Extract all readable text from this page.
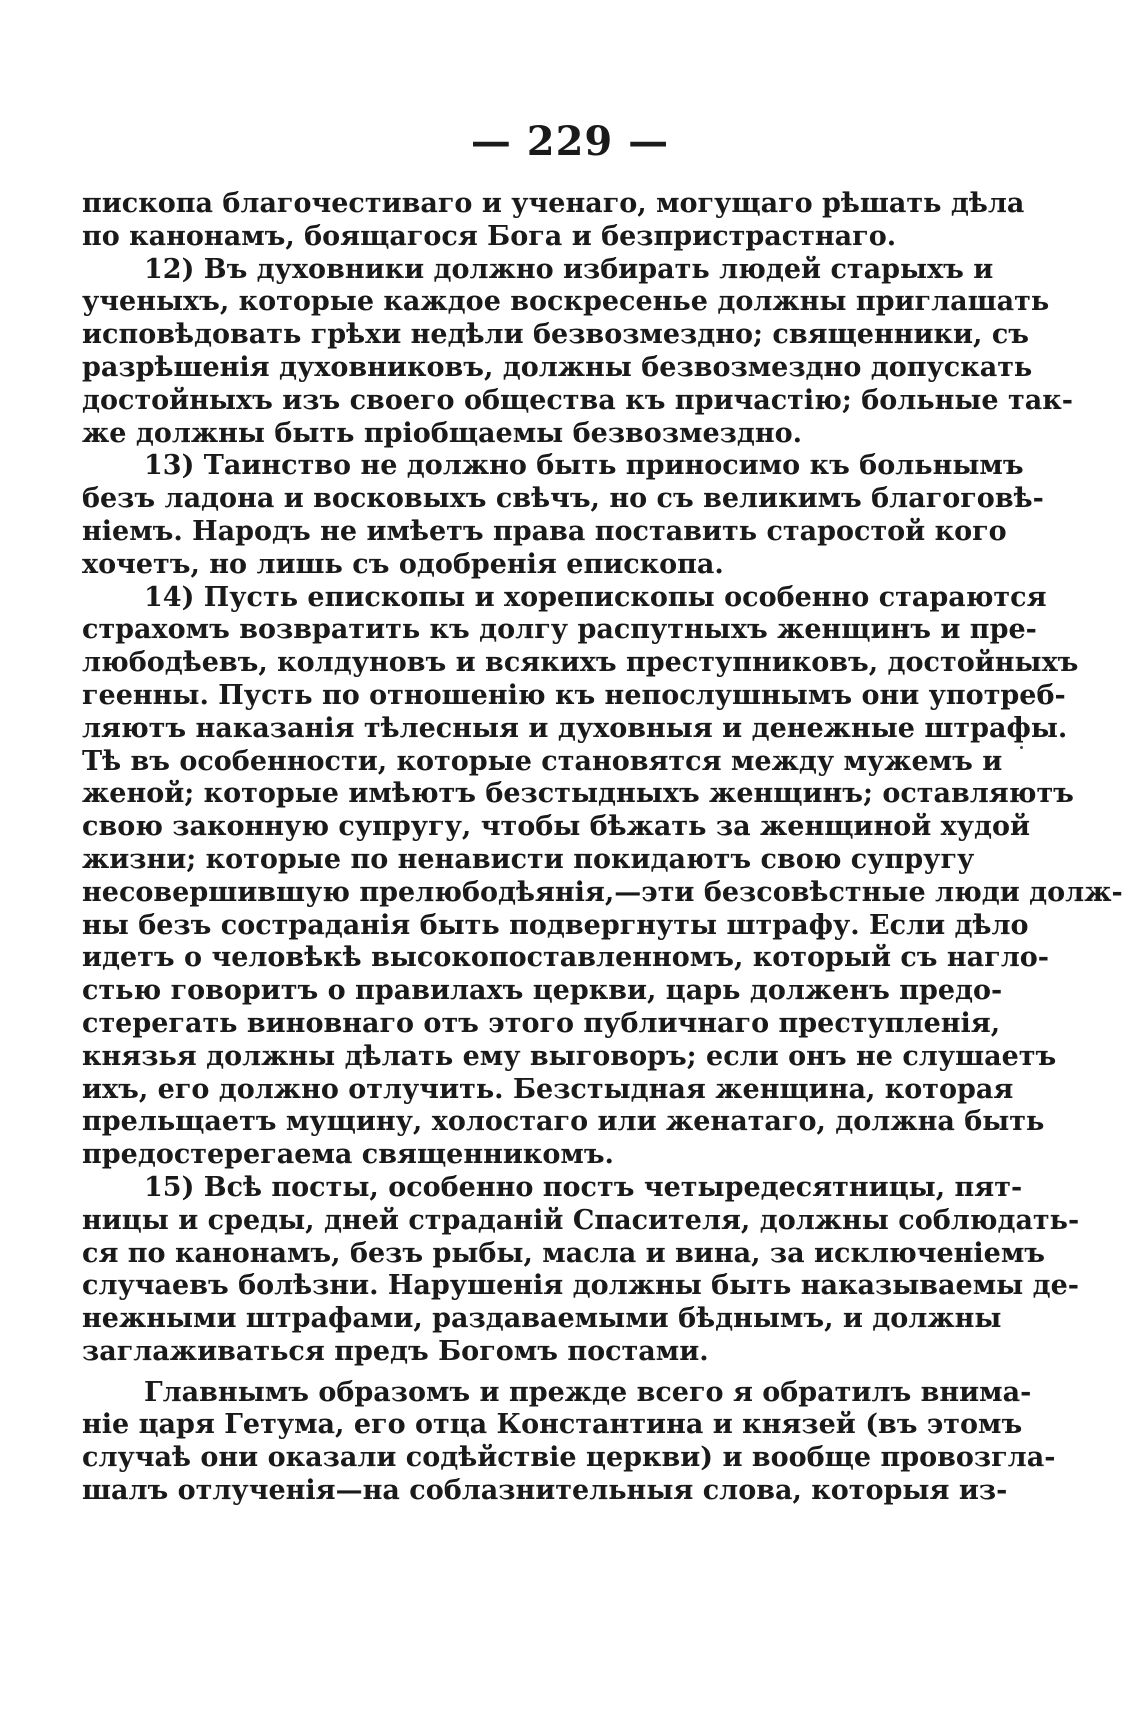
— 229 —
пископа благочестиваго и ученаго, могущаго рѣшать дѣла
по канонамъ, боящагося Бога и безпристрастнаго.
12) Въ духовники должно избирать людей старыхъ и
ученыхъ, которые каждое воскресенье должны приглашать
исповѣдовать грѣхи недѣли безвозмездно; священники, съ
разрѣшенія духовниковъ, должны безвозмездно допускать
достойныхъ изъ своего общества къ причастію; больные так-
же должны быть пріобщаемы безвозмездно.
13) Таинство не должно быть приносимо къ больнымъ
безъ ладона и восковыхъ свѣчъ, но съ великимъ благоговѣ-
ніемъ. Народъ не имѣетъ права поставить старостой кого
хочетъ, но лишь съ одобренія епископа.
14) Пусть епископы и хорепископы особенно стараются
страхомъ возвратить къ долгу распутныхъ женщинъ и пре-
любодѣевъ, колдуновъ и всякихъ преступниковъ, достойныхъ
геенны. Пусть по отношенію къ непослушнымъ они употреб-
ляютъ наказанія тѣлесныя и духовныя и денежные штрафы.
Тѣ въ особенности, которые становятся между мужемъ и
женой; которые имѣютъ безстыдныхъ женщинъ; оставляютъ
свою законную супругу, чтобы бѣжать за женщиной худой
жизни; которые по ненависти покидаютъ свою супругу
несовершившую прелюбодѣянія,—эти безсовѣстные люди долж-
ны безъ состраданія быть подвергнуты штрафу. Если дѣло
идетъ о человѣкѣ высокопоставленномъ, который съ нагло-
стью говоритъ о правилахъ церкви, царь долженъ предо-
стерегать виновнаго отъ этого публичнаго преступленія,
князья должны дѣлать ему выговоръ; если онъ не слушаетъ
ихъ, его должно отлучить. Безстыдная женщина, которая
прельщаетъ мущину, холостаго или женатаго, должна быть
предостерегаема священникомъ.
15) Всѣ посты, особенно постъ четыредесятницы, пят-
ницы и среды, дней страданій Спасителя, должны соблюдать-
ся по канонамъ, безъ рыбы, масла и вина, за исключеніемъ
случаевъ болѣзни. Нарушенія должны быть наказываемы де-
нежными штрафами, раздаваемыми бѣднымъ, и должны
заглаживаться предъ Богомъ постами.
Главнымъ образомъ и прежде всего я обратилъ внима-
ніе царя Гетума, его отца Константина и князей (въ этомъ
случаѣ они оказали содѣйствіе церкви) и вообще провозгла-
шалъ отлученія—на соблазнительныя слова, которыя из-
